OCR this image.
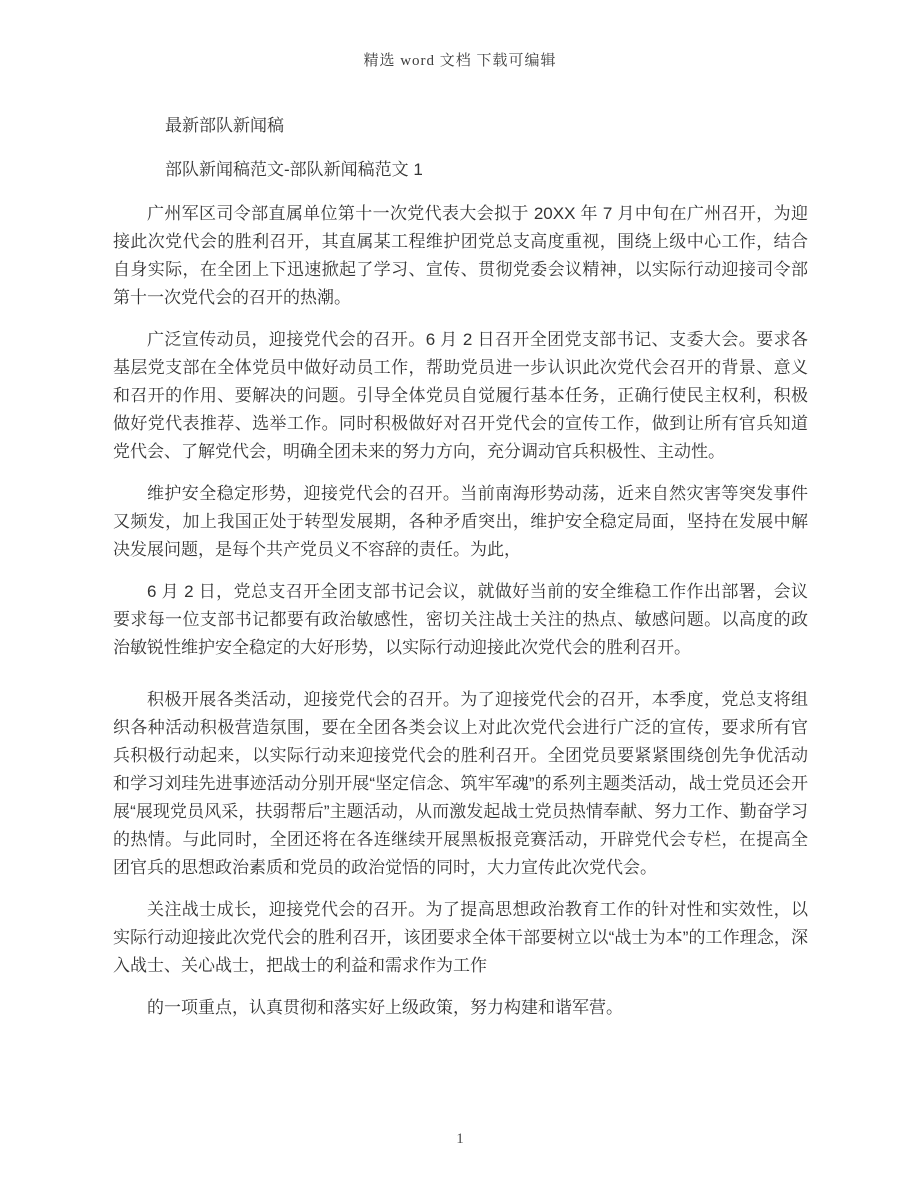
精选 word 文档 下载可编辑

最新部队新闻稿

部队新闻稿范文-部队新闻稿范文 1

广州军区司令部直属单位第十一次党代表大会拟于 20XX 年 7 月中旬在广州召开，为迎接此次党代会的胜利召开，其直属某工程维护团党总支高度重视，围绕上级中心工作，结合自身实际，在全团上下迅速掀起了学习、宣传、贯彻党委会议精神，以实际行动迎接司令部第十一次党代会的召开的热潮。

广泛宣传动员，迎接党代会的召开。6 月 2 日召开全团党支部书记、支委大会。要求各基层党支部在全体党员中做好动员工作，帮助党员进一步认识此次党代会召开的背景、意义和召开的作用、要解决的问题。引导全体党员自觉履行基本任务，正确行使民主权利，积极做好党代表推荐、选举工作。同时积极做好对召开党代会的宣传工作，做到让所有官兵知道党代会、了解党代会，明确全团未来的努力方向，充分调动官兵积极性、主动性。

维护安全稳定形势，迎接党代会的召开。当前南海形势动荡，近来自然灾害等突发事件又频发，加上我国正处于转型发展期，各种矛盾突出，维护安全稳定局面，坚持在发展中解决发展问题，是每个共产党员义不容辞的责任。为此，

6 月 2 日，党总支召开全团支部书记会议，就做好当前的安全维稳工作作出部署，会议要求每一位支部书记都要有政治敏感性，密切关注战士关注的热点、敏感问题。以高度的政治敏锐性维护安全稳定的大好形势，以实际行动迎接此次党代会的胜利召开。

积极开展各类活动，迎接党代会的召开。为了迎接党代会的召开，本季度，党总支将组织各种活动积极营造氛围，要在全团各类会议上对此次党代会进行广泛的宣传，要求所有官兵积极行动起来，以实际行动来迎接党代会的胜利召开。全团党员要紧紧围绕创先争优活动和学习刘珪先进事迹活动分别开展“坚定信念、筑牢军魂”的系列主题类活动，战士党员还会开展“展现党员风采，扶弱帮后”主题活动，从而激发起战士党员热情奉献、努力工作、勤奋学习的热情。与此同时，全团还将在各连继续开展黑板报竞赛活动，开辟党代会专栏，在提高全团官兵的思想政治素质和党员的政治觉悟的同时，大力宣传此次党代会。

关注战士成长，迎接党代会的召开。为了提高思想政治教育工作的针对性和实效性，以实际行动迎接此次党代会的胜利召开，该团要求全体干部要树立以“战士为本”的工作理念，深入战士、关心战士，把战士的利益和需求作为工作

的一项重点，认真贯彻和落实好上级政策，努力构建和谐军营。

1
